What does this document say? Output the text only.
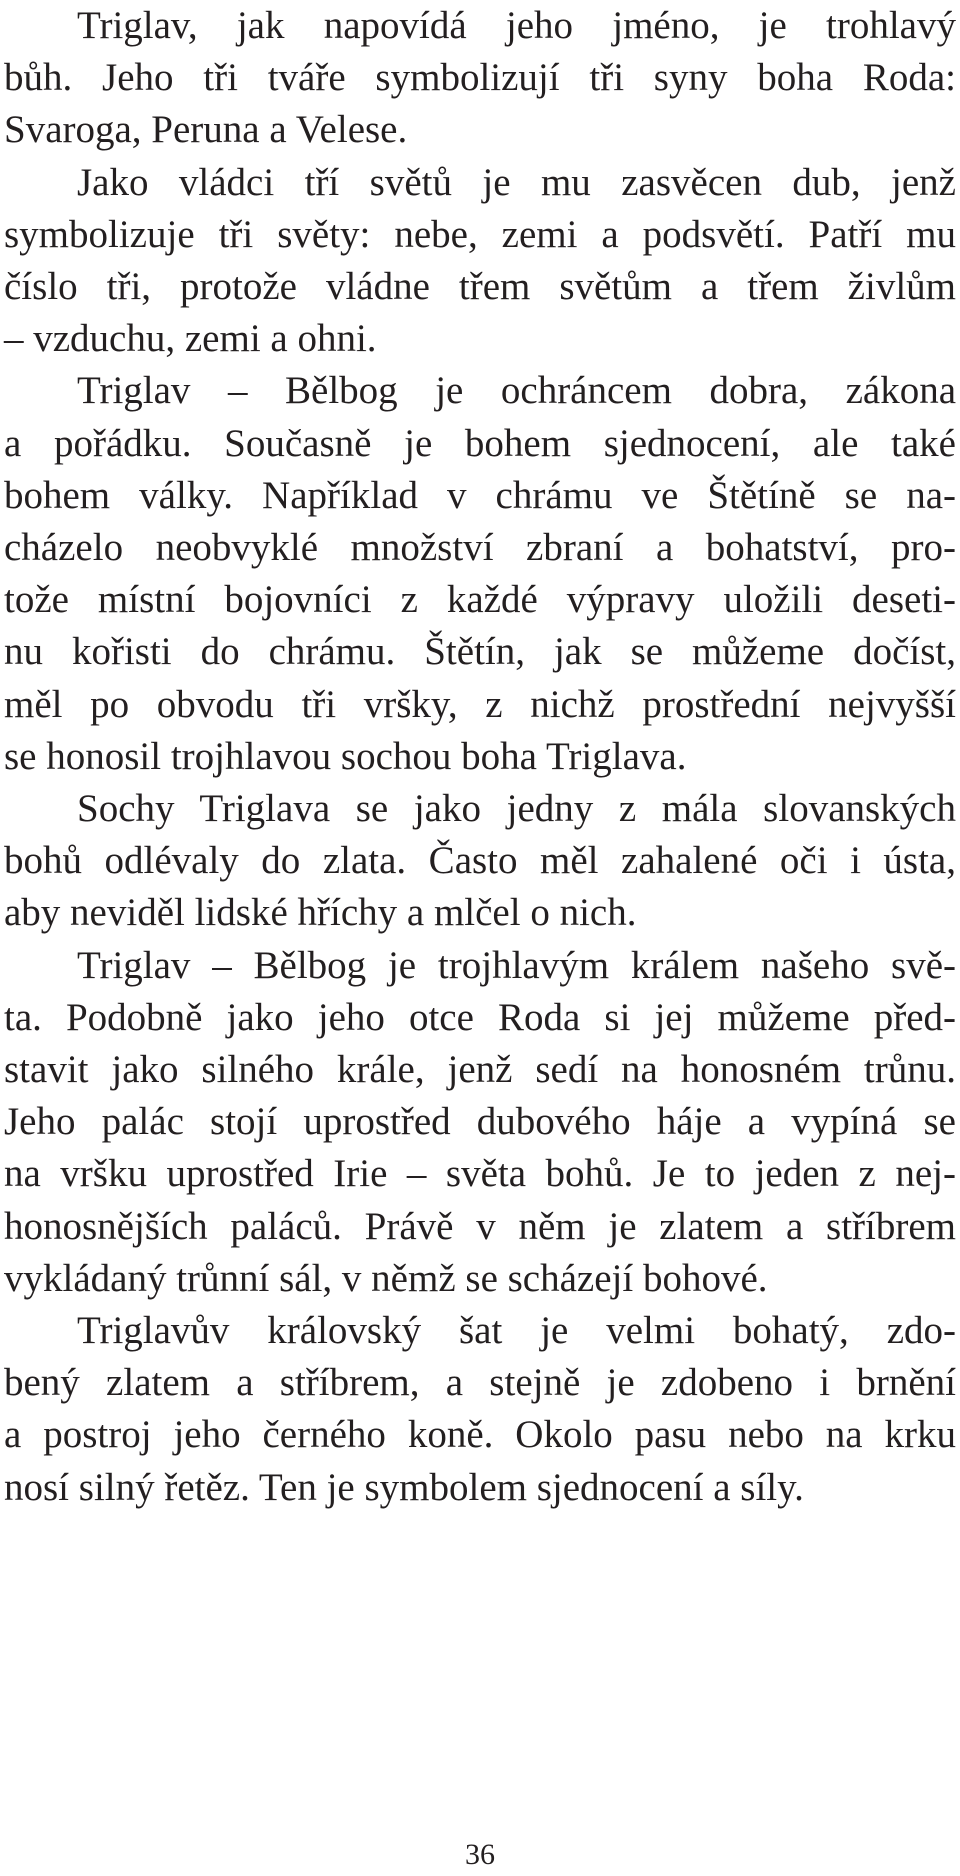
Triglav, jak napovídá jeho jméno, je trohlavý
bůh. Jeho tři tváře symbolizují tři syny boha Roda:
Svaroga, Peruna a Velese.

Jako vládci tří světů je mu zasvěcen dub, jenž
symbolizuje tři světy: nebe, zemi a podsvětí. Patří mu
číslo tři, protože vládne třem světům a třem živlům
– vzduchu, zemi a ohni.

Triglav – Bělbog je ochráncem dobra, zákona
a pořádku. Současně je bohem sjednocení, ale také
bohem války. Například v chrámu ve Štětíně se na-
cházelo neobvyklé množství zbraní a bohatství, pro-
tože místní bojovníci z každé výpravy uložili deseti-
nu kořisti do chrámu. Štětín, jak se můžeme dočíst,
měl po obvodu tři vršky, z nichž prostřední nejvyšší
se honosil trojhlavou sochou boha Triglava.

Sochy Triglava se jako jedny z mála slovanských
bohů odlévaly do zlata. Často měl zahalené oči i ústa,
aby neviděl lidské hříchy a mlčel o nich.

Triglav – Bělbog je trojhlavým králem našeho svě-
ta. Podobně jako jeho otce Roda si jej můžeme před-
stavit jako silného krále, jenž sedí na honosném trůnu.
Jeho palác stojí uprostřed dubového háje a vypíná se
na vršku uprostřed Irie – světa bohů. Je to jeden z nej-
honosnějších paláců. Právě v něm je zlatem a stříbrem
vykládaný trůnní sál, v němž se scházejí bohové.

Triglavův královský šat je velmi bohatý, zdo-
bený zlatem a stříbrem, a stejně je zdobeno i brnění
a postroj jeho černého koně. Okolo pasu nebo na krku
nosí silný řetěz. Ten je symbolem sjednocení a síly.

36
